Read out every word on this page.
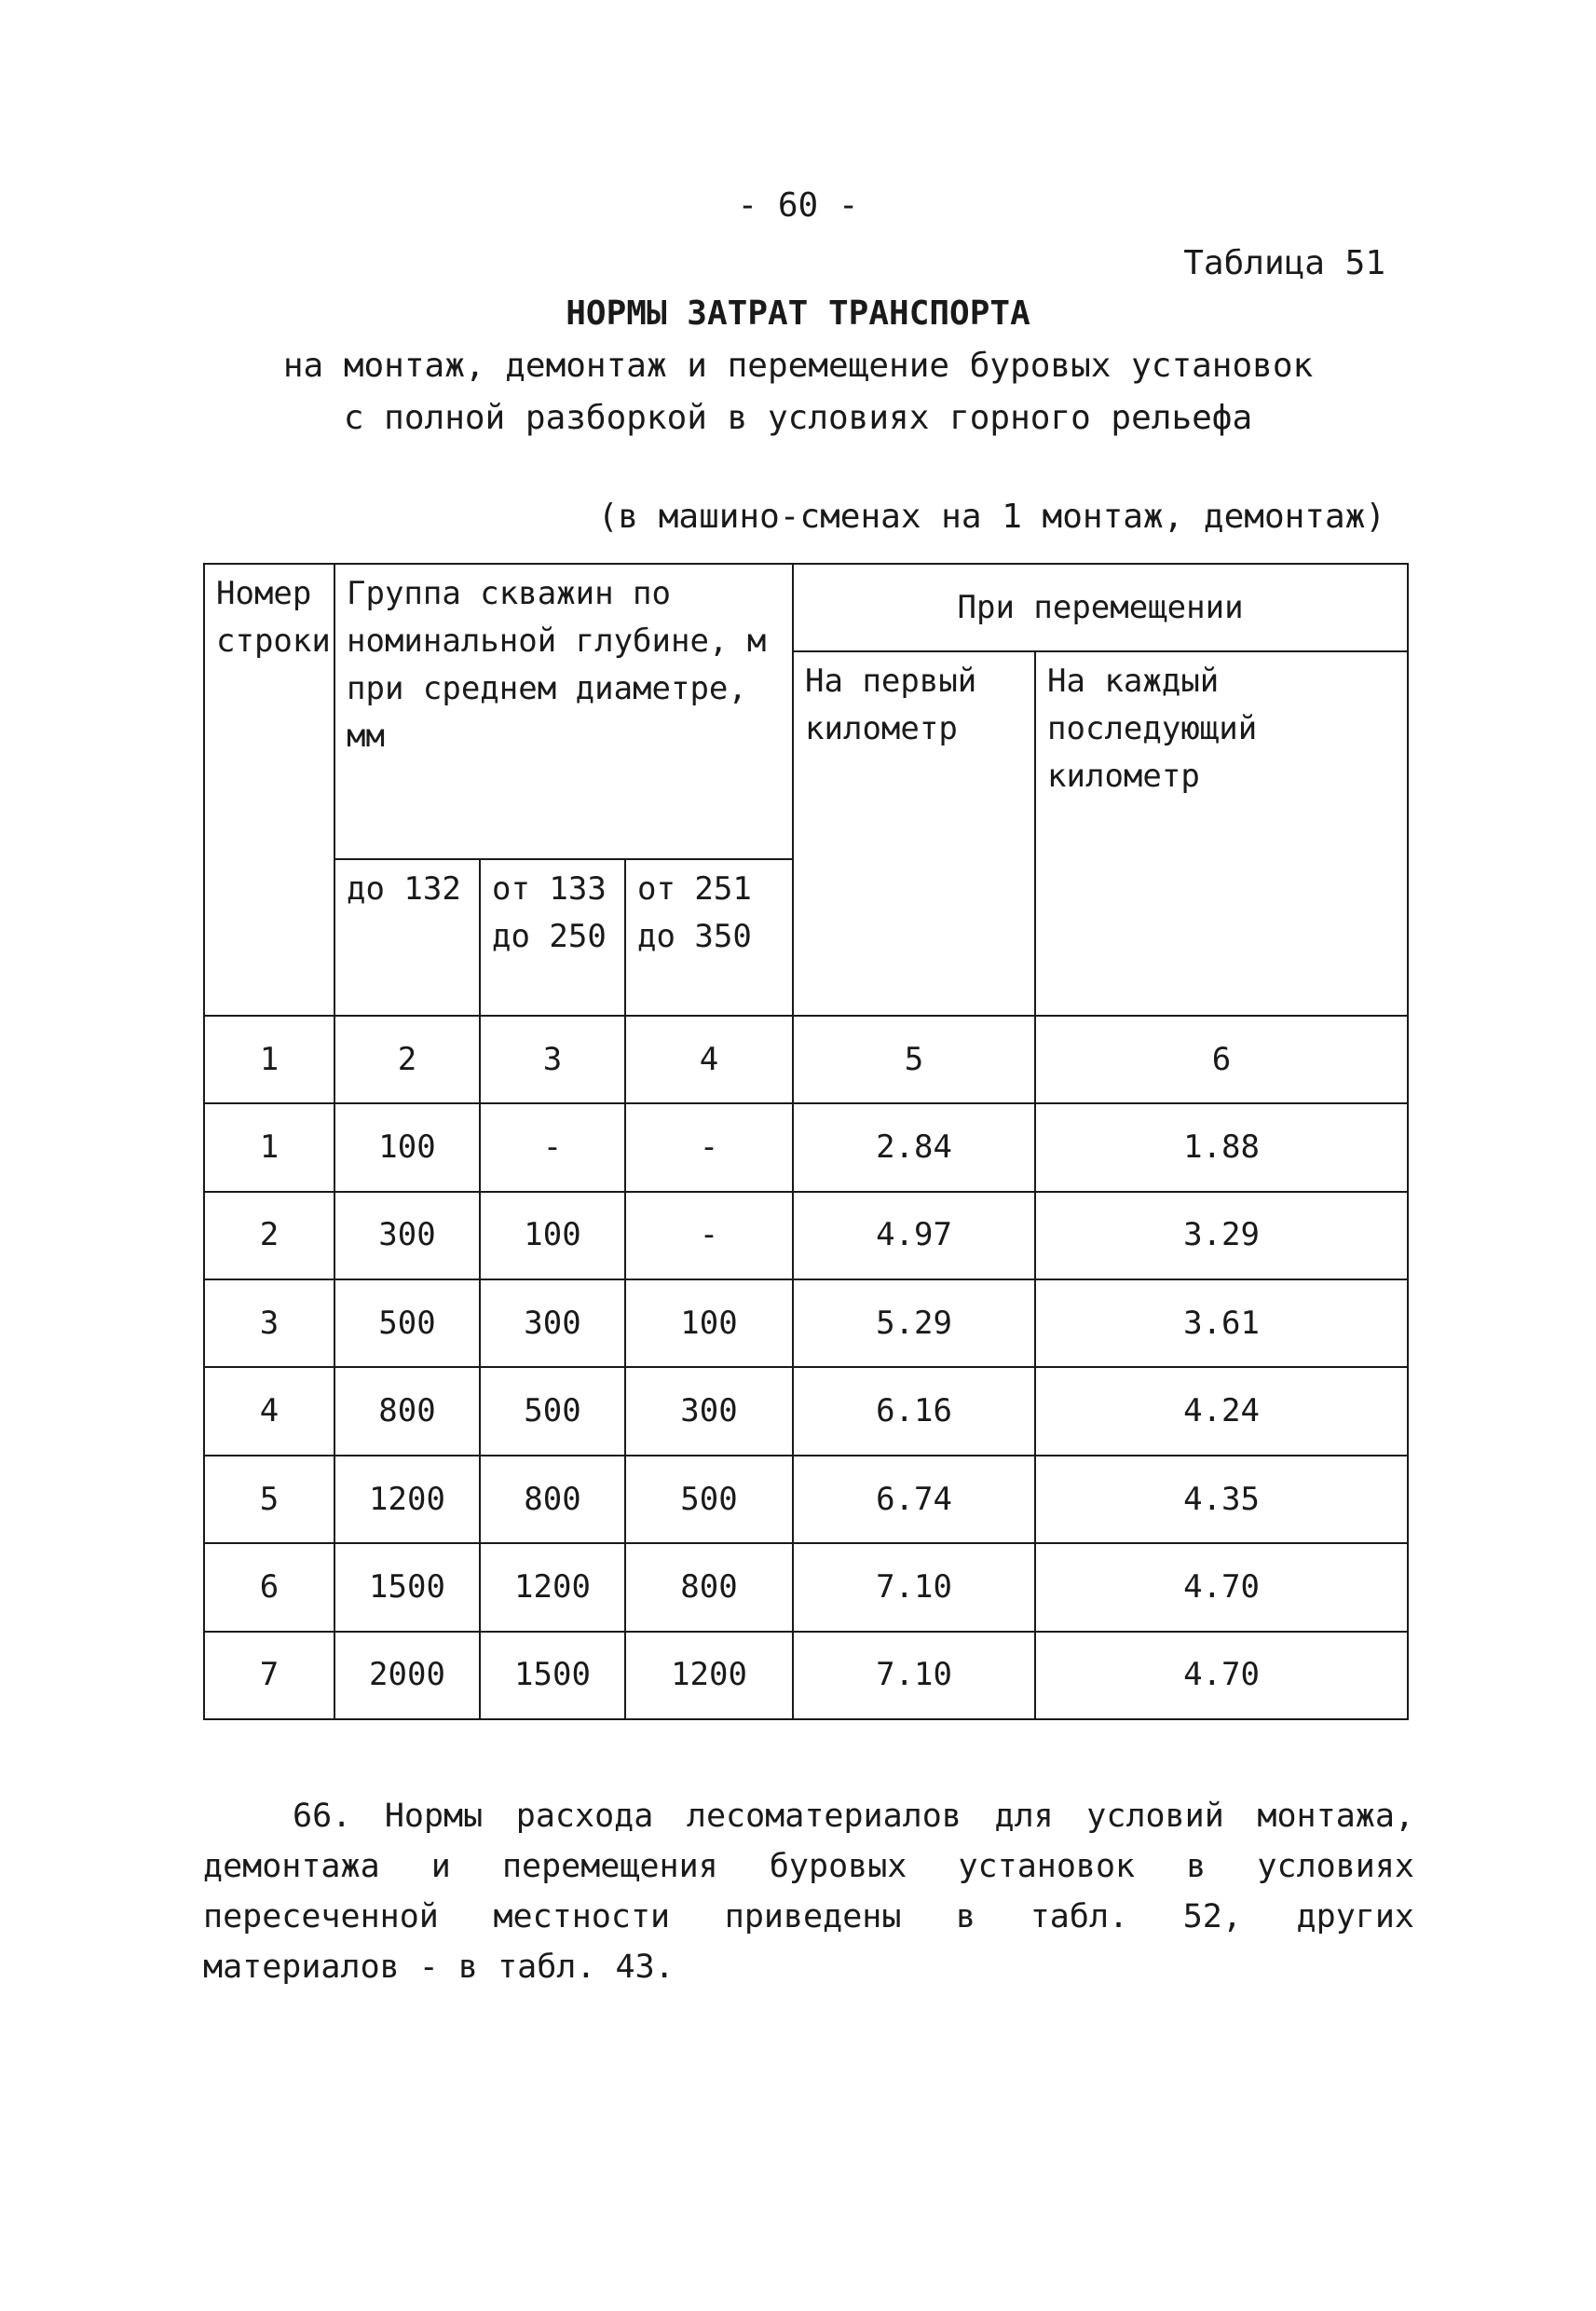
- 60 -
Таблица 51
НОРМЫ ЗАТРАТ ТРАНСПОРТА
на монтаж, демонтаж и перемещение буровых установок
с полной разборкой в условиях горного рельефа
(в машино-сменах на 1 монтаж, демонтаж)
Номер строки	Группа скважин по номинальной глубине, м при среднем диаметре, мм			При перемещении	
				На первый километр	На каждый последующий километр
	до 132	от 133 до 250	от 251 до 350		

1	2	3	4	5	6
1	100	-	-	2.84	1.88
2	300	100	-	4.97	3.29
3	500	300	100	5.29	3.61
4	800	500	300	6.16	4.24
5	1200	800	500	6.74	4.35
6	1500	1200	800	7.10	4.70
7	2000	1500	1200	7.10	4.70
66. Нормы расхода лесоматериалов для условий монтажа, демонтажа и перемещения буровых установок в условиях пересеченной местности приведены в табл. 52, других материалов - в табл. 43.
